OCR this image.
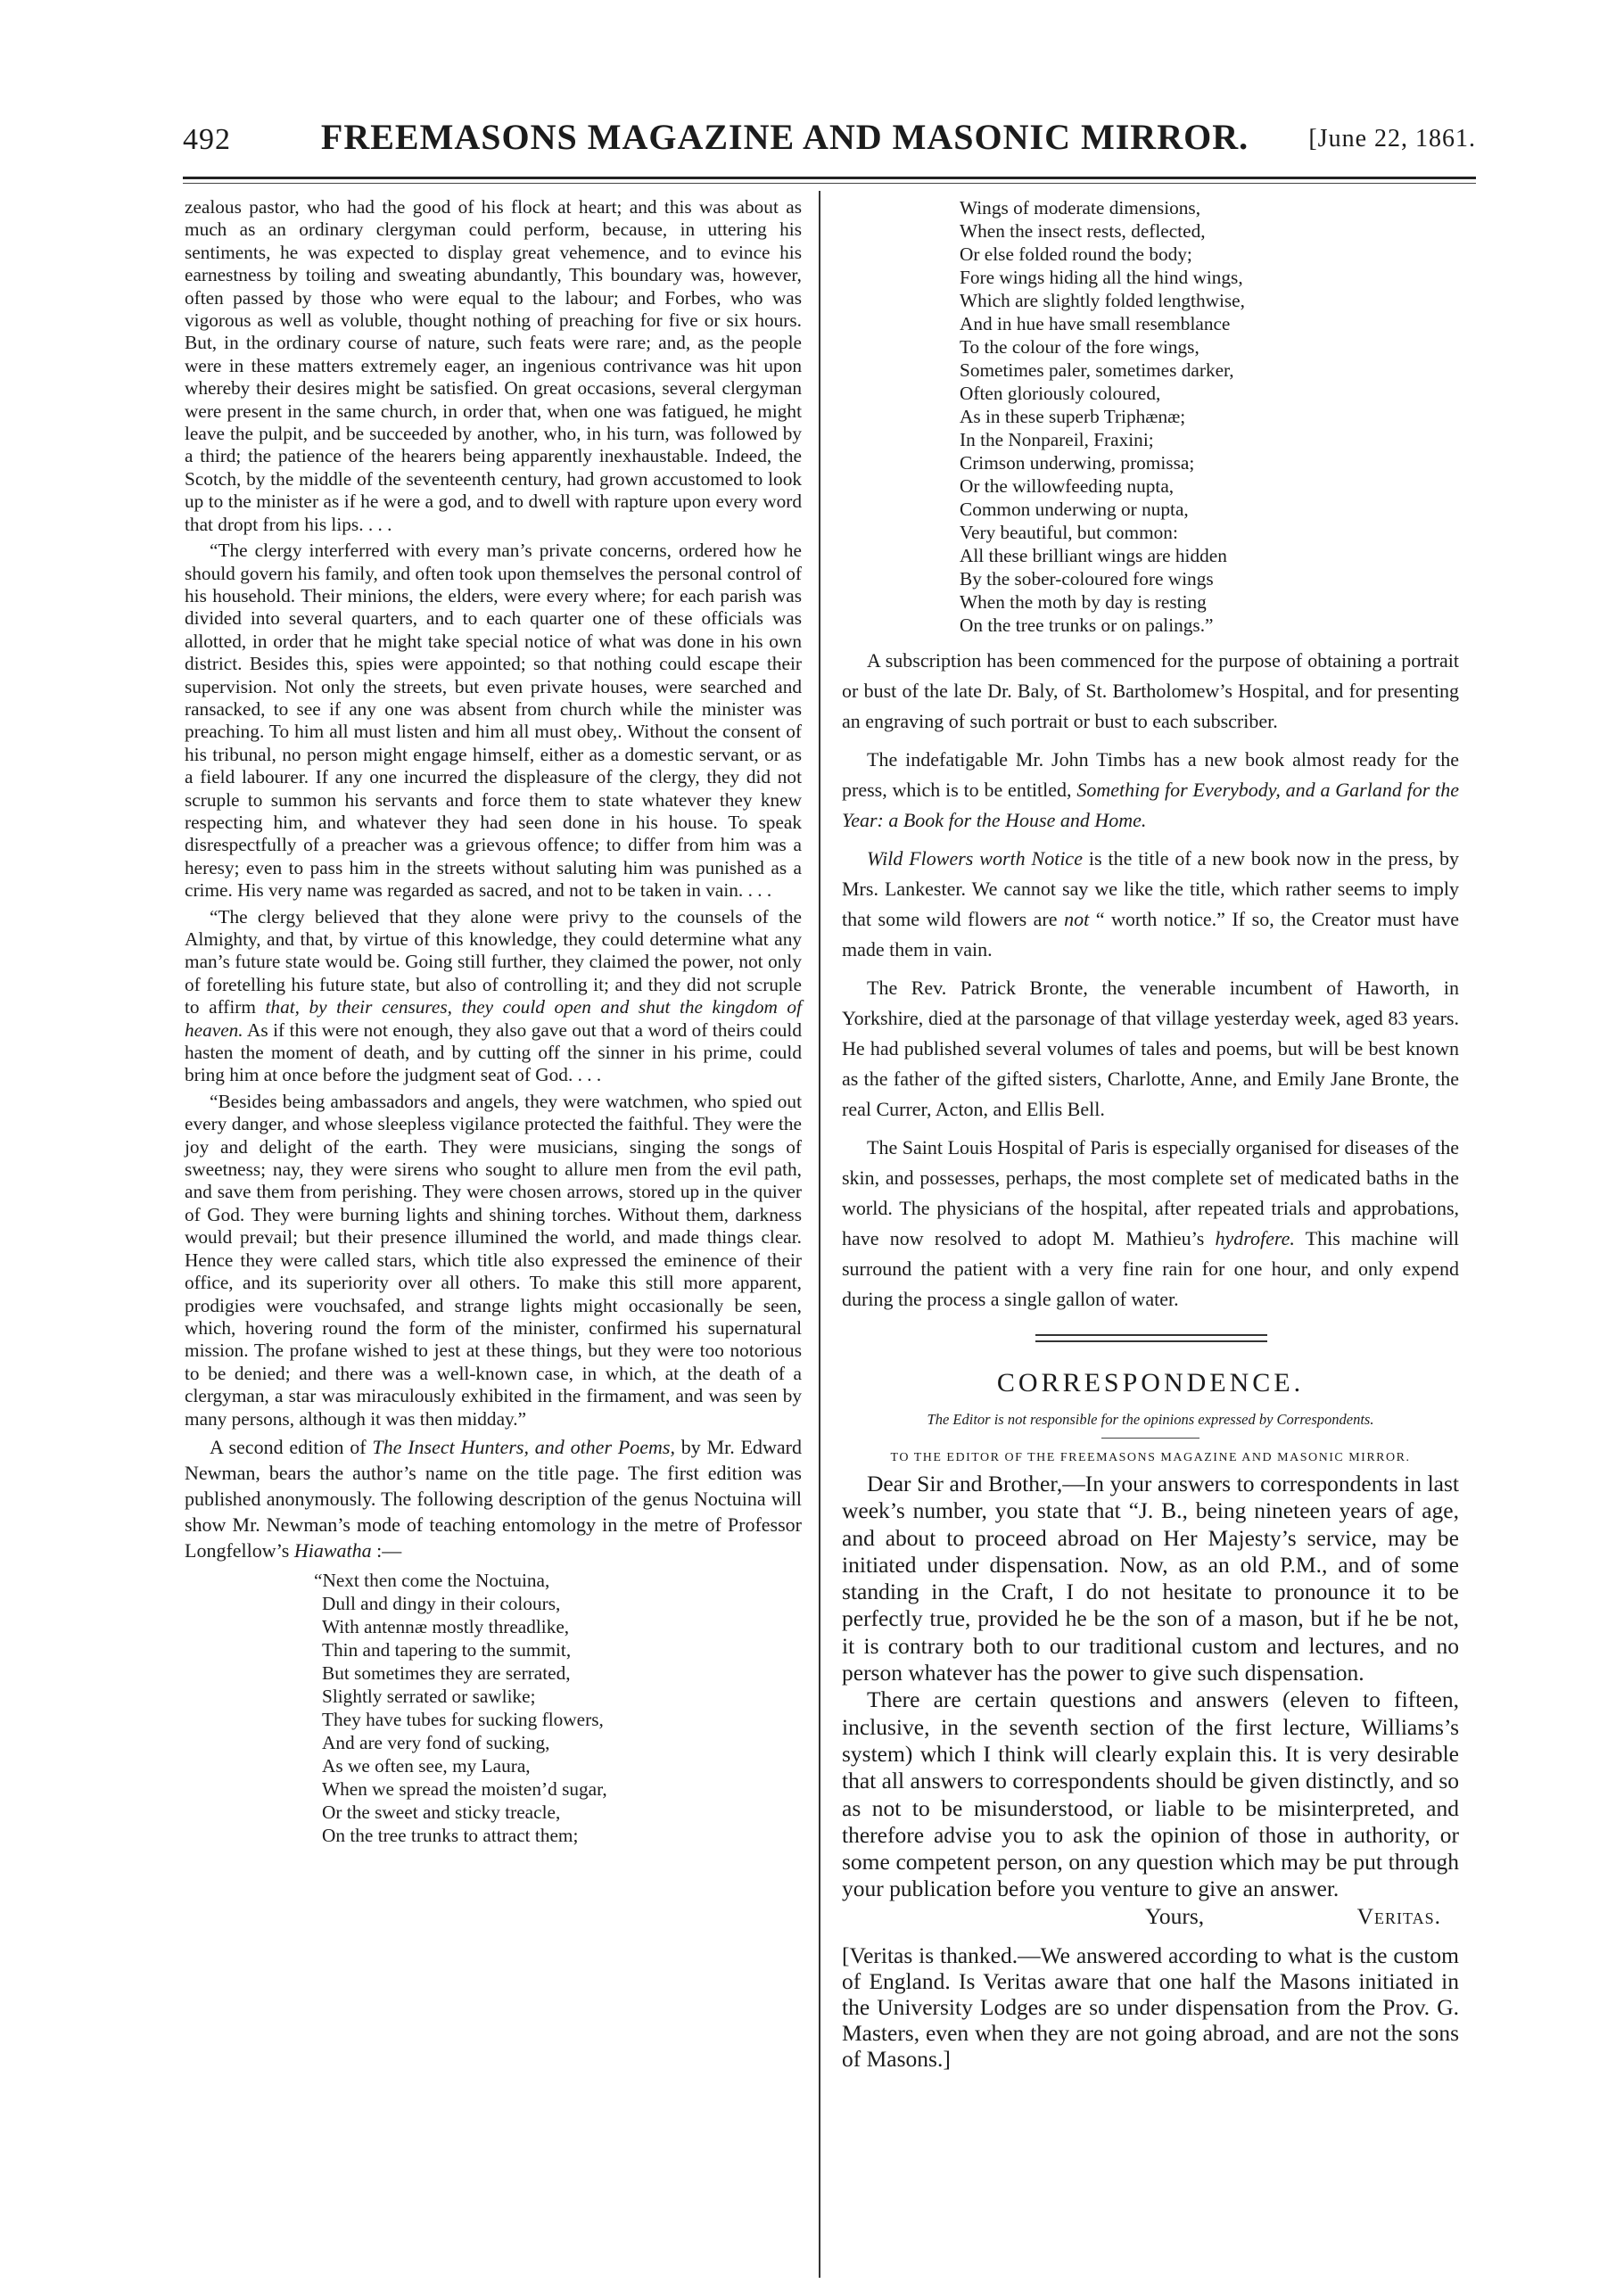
492	FREEMASONS MAGAZINE AND MASONIC MIRROR.	[June 22, 1861.

zealous pastor, who had the good of his flock at heart; and this was about as much as an ordinary clergyman could perform, because, in uttering his sentiments, he was expected to display great vehemence, and to evince his earnestness by toiling and sweating abundantly, This boundary was, however, often passed by those who were equal to the labour; and Forbes, who was vigorous as well as voluble, thought nothing of preaching for five or six hours. But, in the ordinary course of nature, such feats were rare; and, as the people were in these matters extremely eager, an ingenious contrivance was hit upon whereby their desires might be satisfied. On great occasions, several clergyman were present in the same church, in order that, when one was fatigued, he might leave the pulpit, and be succeeded by another, who, in his turn, was followed by a third; the patience of the hearers being apparently inexhaustable. Indeed, the Scotch, by the middle of the seventeenth century, had grown accustomed to look up to the minister as if he were a god, and to dwell with rapture upon every word that dropt from his lips. . . .

“The clergy interferred with every man’s private concerns, ordered how he should govern his family, and often took upon themselves the personal control of his household. Their minions, the elders, were every where; for each parish was divided into several quarters, and to each quarter one of these officials was allotted, in order that he might take special notice of what was done in his own district. Besides this, spies were appointed; so that nothing could escape their supervision. Not only the streets, but even private houses, were searched and ransacked, to see if any one was absent from church while the minister was preaching. To him all must listen and him all must obey,. Without the consent of his tribunal, no person might engage himself, either as a domestic servant, or as a field labourer. If any one incurred the displeasure of the clergy, they did not scruple to summon his servants and force them to state whatever they knew respecting him, and whatever they had seen done in his house. To speak disrespectfully of a preacher was a grievous offence; to differ from him was a heresy; even to pass him in the streets without saluting him was punished as a crime. His very name was regarded as sacred, and not to be taken in vain. . . .

“The clergy believed that they alone were privy to the counsels of the Almighty, and that, by virtue of this knowledge, they could determine what any man’s future state would be. Going still further, they claimed the power, not only of foretelling his future state, but also of controlling it; and they did not scruple to affirm that, by their censures, they could open and shut the kingdom of heaven. As if this were not enough, they also gave out that a word of theirs could hasten the moment of death, and by cutting off the sinner in his prime, could bring him at once before the judgment seat of God. . . .

“Besides being ambassadors and angels, they were watchmen, who spied out every danger, and whose sleepless vigilance protected the faithful. They were the joy and delight of the earth. They were musicians, singing the songs of sweetness; nay, they were sirens who sought to allure men from the evil path, and save them from perishing. They were chosen arrows, stored up in the quiver of God. They were burning lights and shining torches. Without them, darkness would prevail; but their presence illumined the world, and made things clear. Hence they were called stars, which title also expressed the eminence of their office, and its superiority over all others. To make this still more apparent, prodigies were vouchsafed, and strange lights might occasionally be seen, which, hovering round the form of the minister, confirmed his supernatural mission. The profane wished to jest at these things, but they were too notorious to be denied; and there was a well-known case, in which, at the death of a clergyman, a star was miraculously exhibited in the firmament, and was seen by many persons, although it was then midday.”

A second edition of The Insect Hunters, and other Poems, by Mr. Edward Newman, bears the author’s name on the title page. The first edition was published anonymously. The following description of the genus Noctuina will show Mr. Newman’s mode of teaching entomology in the metre of Professor Longfellow’s Hiawatha :—

“Next then come the Noctuina,
Dull and dingy in their colours,
With antennæ mostly threadlike,
Thin and tapering to the summit,
But sometimes they are serrated,
Slightly serrated or sawlike;
They have tubes for sucking flowers,
And are very fond of sucking,
As we often see, my Laura,
When we spread the moisten’d sugar,
Or the sweet and sticky treacle,
On the tree trunks to attract them;
Wings of moderate dimensions,
When the insect rests, deflected,
Or else folded round the body;
Fore wings hiding all the hind wings,
Which are slightly folded lengthwise,
And in hue have small resemblance
To the colour of the fore wings,
Sometimes paler, sometimes darker,
Often gloriously coloured,
As in these superb Triphænæ;
In the Nonpareil, Fraxini;
Crimson underwing, promissa;
Or the willowfeeding nupta,
Common underwing or nupta,
Very beautiful, but common:
All these brilliant wings are hidden
By the sober-coloured fore wings
When the moth by day is resting
On the tree trunks or on palings.”

A subscription has been commenced for the purpose of obtaining a portrait or bust of the late Dr. Baly, of St. Bartholomew’s Hospital, and for presenting an engraving of such portrait or bust to each subscriber.

The indefatigable Mr. John Timbs has a new book almost ready for the press, which is to be entitled, Something for Everybody, and a Garland for the Year: a Book for the House and Home.

Wild Flowers worth Notice is the title of a new book now in the press, by Mrs. Lankester. We cannot say we like the title, which rather seems to imply that some wild flowers are not “ worth notice.” If so, the Creator must have made them in vain.

The Rev. Patrick Bronte, the venerable incumbent of Haworth, in Yorkshire, died at the parsonage of that village yesterday week, aged 83 years. He had published several volumes of tales and poems, but will be best known as the father of the gifted sisters, Charlotte, Anne, and Emily Jane Bronte, the real Currer, Acton, and Ellis Bell.

The Saint Louis Hospital of Paris is especially organised for diseases of the skin, and possesses, perhaps, the most complete set of medicated baths in the world. The physicians of the hospital, after repeated trials and approbations, have now resolved to adopt M. Mathieu’s hydrofere. This machine will surround the patient with a very fine rain for one hour, and only expend during the process a single gallon of water.

CORRESPONDENCE.
The Editor is not responsible for the opinions expressed by Correspondents.
TO THE EDITOR OF THE FREEMASONS MAGAZINE AND MASONIC MIRROR.

Dear Sir and Brother,—In your answers to correspondents in last week’s number, you state that “J. B., being nineteen years of age, and about to proceed abroad on Her Majesty’s service, may be initiated under dispensation. Now, as an old P.M., and of some standing in the Craft, I do not hesitate to pronounce it to be perfectly true, provided he be the son of a mason, but if he be not, it is contrary both to our traditional custom and lectures, and no person whatever has the power to give such dispensation.

There are certain questions and answers (eleven to fifteen, inclusive, in the seventh section of the first lecture, Williams’s system) which I think will clearly explain this. It is very desirable that all answers to correspondents should be given distinctly, and so as not to be misunderstood, or liable to be misinterpreted, and therefore advise you to ask the opinion of those in authority, or some competent person, on any question which may be put through your publication before you venture to give an answer.

Yours,	Veritas.

[Veritas is thanked.—We answered according to what is the custom of England. Is Veritas aware that one half the Masons initiated in the University Lodges are so under dispensation from the Prov. G. Masters, even when they are not going abroad, and are not the sons of Masons.]
